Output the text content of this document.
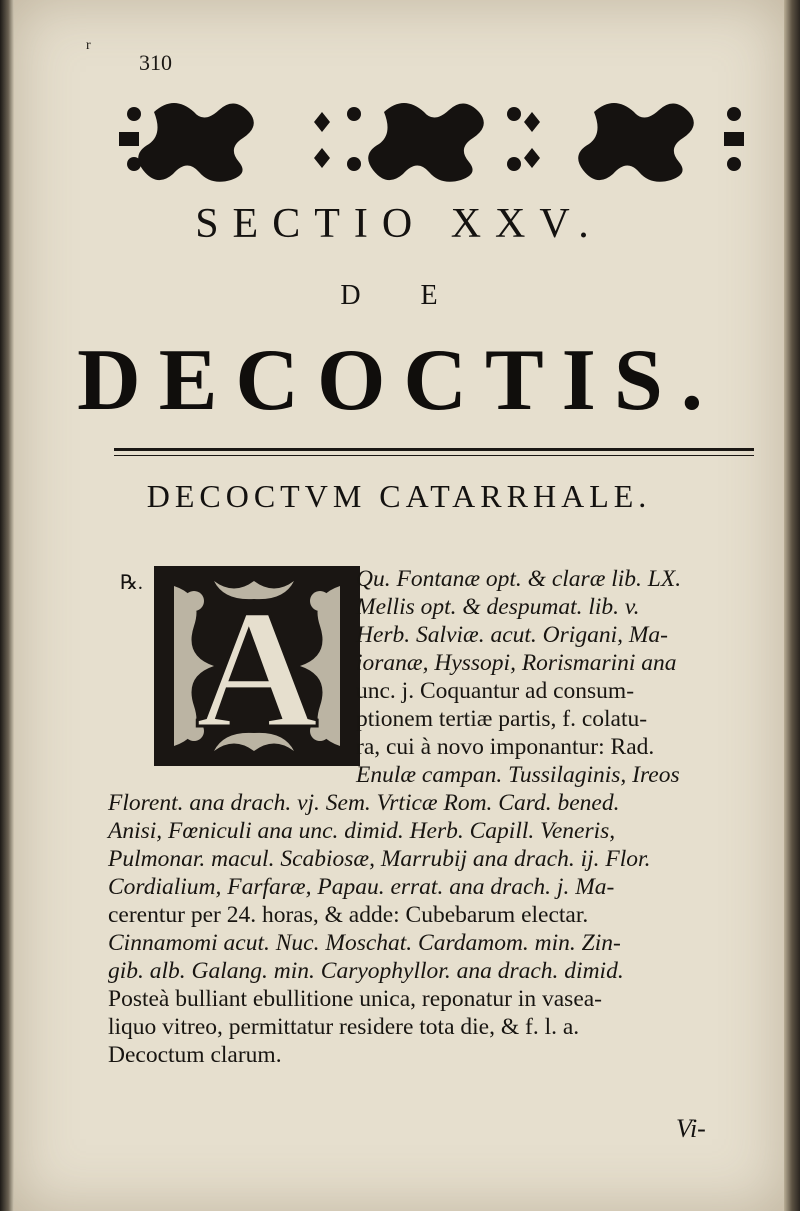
r
310
SECTIO XXV.
DE
DECOCTIS.
DECOCTVM CATARRHALE.
℞. A Qu. Fontanæ opt. & claræ lib. LX.
Mellis opt. & despumat. lib. v.
Herb. Salviæ. acut. Origani, Ma-
ioranæ, Hyssopi, Rorismarini ana
unc. j. Coquantur ad consum-
ptionem tertiæ partis, f. colatu-
ra, cui à novo imponantur: Rad.
Enulæ campan. Tussilaginis, Ireos
Florent. ana drach. vj. Sem. Vrticæ Rom. Card. bened.
Anisi, Fœniculi ana unc. dimid. Herb. Capill. Veneris,
Pulmonar. macul. Scabiosæ, Marrubij ana drach. ij. Flor.
Cordialium, Farfaræ, Papau. errat. ana drach. j. Ma-
cerentur per 24. horas, & adde: Cubebarum electar.
Cinnamomi acut. Nuc. Moschat. Cardamom. min. Zin-
gib. alb. Galang. min. Caryophyllor. ana drach. dimid.
Posteà bulliant ebullitione unica, reponatur in vasea-
liquo vitreo, permittatur residere tota die, & f. l. a.
Decoctum clarum.
Vi-
